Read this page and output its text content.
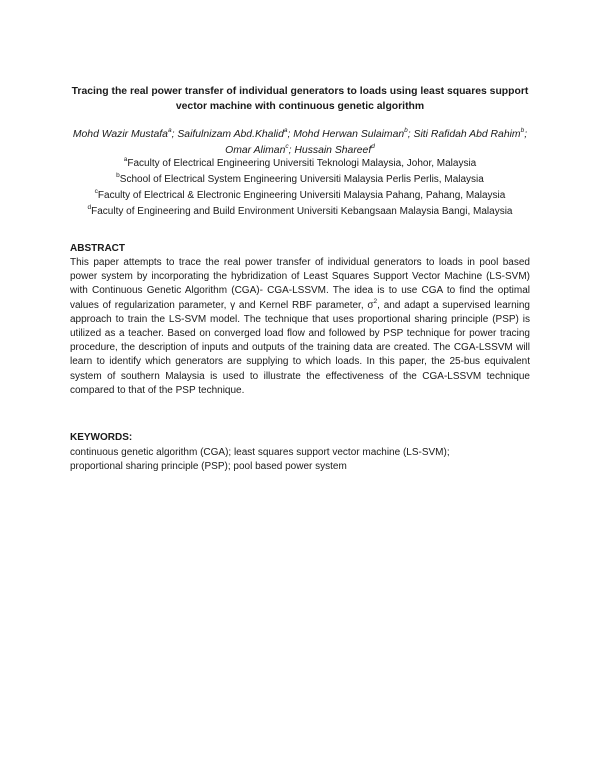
Tracing the real power transfer of individual generators to loads using least squares support
vector machine with continuous genetic algorithm
Mohd Wazir Mustafa$^a$; Saifulnizam Abd.Khalid$^a$; Mohd Herwan Sulaiman$^b$; Siti Rafidah Abd Rahim$^b$; Omar Aliman$^c$; Hussain Shareef$^d$
$^a$Faculty of Electrical Engineering Universiti Teknologi Malaysia, Johor, Malaysia
$^b$School of Electrical System Engineering Universiti Malaysia Perlis Perlis, Malaysia
$^c$Faculty of Electrical & Electronic Engineering Universiti Malaysia Pahang, Pahang, Malaysia
$^d$Faculty of Engineering and Build Environment Universiti Kebangsaan Malaysia Bangi, Malaysia
ABSTRACT
This paper attempts to trace the real power transfer of individual generators to loads in pool based power system by incorporating the hybridization of Least Squares Support Vector Machine (LS-SVM) with Continuous Genetic Algorithm (CGA)- CGA-LSSVM. The idea is to use CGA to find the optimal values of regularization parameter, γ and Kernel RBF parameter, $\sigma^2$, and adapt a supervised learning approach to train the LS-SVM model. The technique that uses proportional sharing principle (PSP) is utilized as a teacher. Based on converged load flow and followed by PSP technique for power tracing procedure, the description of inputs and outputs of the training data are created. The CGA-LSSVM will learn to identify which generators are supplying to which loads. In this paper, the 25-bus equivalent system of southern Malaysia is used to illustrate the effectiveness of the CGA-LSSVM technique compared to that of the PSP technique.
KEYWORDS:
continuous genetic algorithm (CGA); least squares support vector machine (LS-SVM);
proportional sharing principle (PSP); pool based power system
